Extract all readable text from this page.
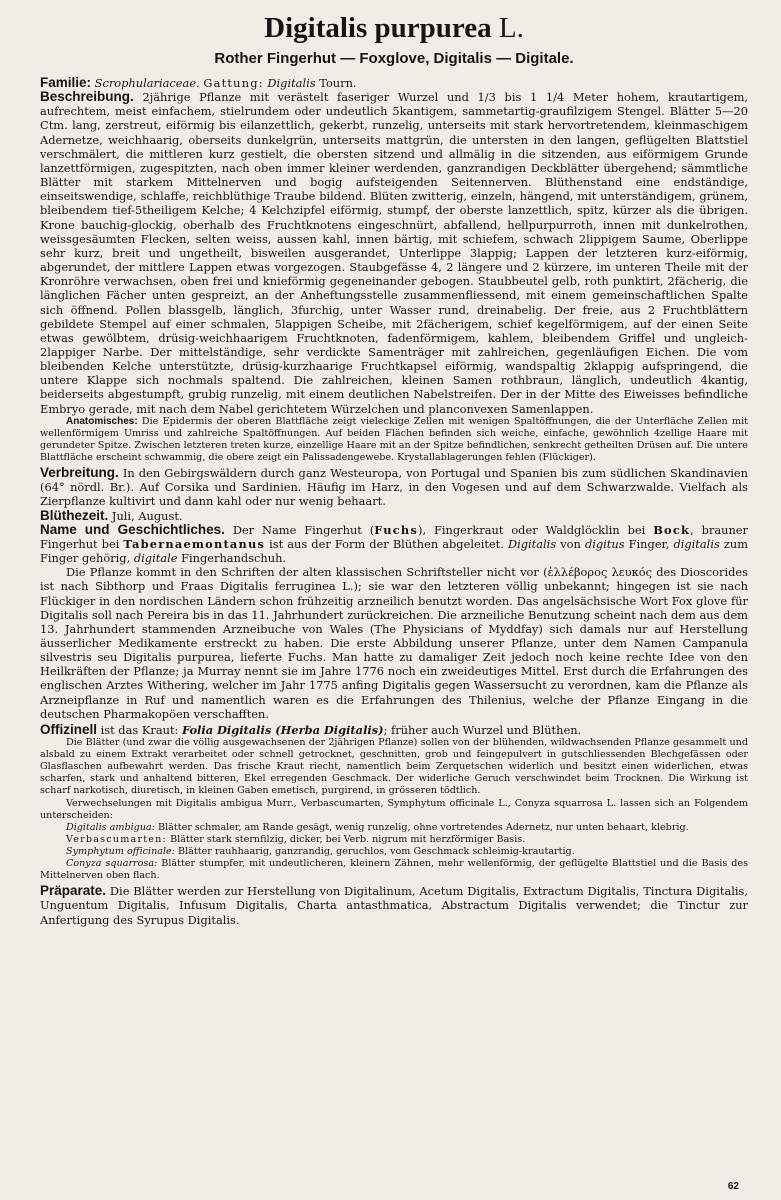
Digitalis purpurea L.
Rother Fingerhut — Foxglove, Digitalis — Digitale.

Familie: Scrophulariaceae. Gattung: Digitalis Tourn.

Beschreibung. 2jährige Pflanze mit verästelt faseriger Wurzel und 1/3 bis 1 1/4 Meter hohem, krautartigem, aufrechtem, meist einfachem, stielrundem oder undeutlich 5kantigem, sammetartig-graufilzigem Stengel. Blätter 5—20 Ctm. lang, zerstreut, eiförmig bis eilanzettlich, gekerbt, runzelig, unterseits mit stark hervortretendem, kleinmaschigem Adernetze, weichhaarig, oberseits dunkelgrün, unterseits mattgrün, die untersten in den langen, geflügelten Blattstiel verschmälert, die mittleren kurz gestielt, die obersten sitzend und allmälig in die sitzenden, aus eiförmigem Grunde lanzettförmigen, zugespitzten, nach oben immer kleiner werdenden, ganzrandigen Deckblätter übergehend; sämmtliche Blätter mit starkem Mittelnerven und bogig aufsteigenden Seitennerven. Blüthenstand eine endständige, einseitswendige, schlaffe, reichblüthige Traube bildend. Blüten zwitterig, einzeln, hängend, mit unterständigem, grünem, bleibendem tief-5theiligem Kelche; 4 Kelchzipfel eiförmig, stumpf, der oberste lanzettlich, spitz, kürzer als die übrigen. Krone bauchig-glockig, oberhalb des Fruchtknotens eingeschnürt, abfallend, hellpurpurroth, innen mit dunkelrothen, weissgesäumten Flecken, selten weiss, aussen kahl, innen bärtig, mit schiefem, schwach 2lippigem Saume, Oberlippe sehr kurz, breit und ungetheilt, bisweilen ausgerandet, Unterlippe 3lappig; Lappen der letzteren kurz-eiförmig, abgerundet, der mittlere Lappen etwas vorgezogen. Staubgefässe 4, 2 längere und 2 kürzere, im unteren Theile mit der Kronröhre verwachsen, oben frei und knieförmig gegeneinander gebogen. Staubbeutel gelb, roth punktirt, 2fächerig, die länglichen Fächer unten gespreizt, an der Anheftungsstelle zusammenfliessend, mit einem gemeinschaftlichen Spalte sich öffnend. Pollen blassgelb, länglich, 3furchig, unter Wasser rund, dreinabelig. Der freie, aus 2 Fruchtblättern gebildete Stempel auf einer schmalen, 5lappigen Scheibe, mit 2fächerigem, schief kegelförmigem, auf der einen Seite etwas gewölbtem, drüsig-weichhaarigem Fruchtknoten, fadenförmigem, kahlem, bleibendem Griffel und ungleich-2lappiger Narbe. Der mittelständige, sehr verdickte Samenträger mit zahlreichen, gegenläufigen Eichen. Die vom bleibenden Kelche unterstützte, drüsig-kurzhaarige Fruchtkapsel eiförmig, wandspaltig 2klappig aufspringend, die untere Klappe sich nochmals spaltend. Die zahlreichen, kleinen Samen rothbraun, länglich, undeutlich 4kantig, beiderseits abgestumpft, grubig runzelig, mit einem deutlichen Nabelstreifen. Der in der Mitte des Eiweisses befindliche Embryo gerade, mit nach dem Nabel gerichtetem Würzelchen und planconvexen Samenlappen.

Anatomisches: Die Epidermis der oberen Blattfläche zeigt vieleckige Zellen mit wenigen Spaltöffnungen, die der Unterfläche Zellen mit wellenförmigem Umriss und zahlreiche Spaltöffnungen. Auf beiden Flächen befinden sich weiche, einfache, gewöhnlich 4zellige Haare mit gerundeter Spitze. Zwischen letzteren treten kurze, einzellige Haare mit an der Spitze befindlichen, senkrecht getheilten Drüsen auf. Die untere Blattfläche erscheint schwammig, die obere zeigt ein Palissadengewebe. Krystallablagerungen fehlen (Flückiger).

Verbreitung. In den Gebirgswäldern durch ganz Westeuropa, von Portugal und Spanien bis zum südlichen Skandinavien (64° nördl. Br.). Auf Corsika und Sardinien. Häufig im Harz, in den Vogesen und auf dem Schwarzwalde. Vielfach als Zierpflanze kultivirt und dann kahl oder nur wenig behaart.

Blüthezeit. Juli, August.

Name und Geschichtliches. Der Name Fingerhut (Fuchs), Fingerkraut oder Waldglöcklin bei Bock, brauner Fingerhut bei Tabernaemontanus ist aus der Form der Blüthen abgeleitet. Digitalis von digitus Finger, digitalis zum Finger gehörig, digitale Fingerhandschuh.

Die Pflanze kommt in den Schriften der alten klassischen Schriftsteller nicht vor (ἐλλέβορος λευκός des Dioscorides ist nach Sibthorp und Fraas Digitalis ferruginea L.); sie war den letzteren völlig unbekannt; hingegen ist sie nach Flückiger in den nordischen Ländern schon frühzeitig arzneilich benutzt worden. Das angelsächsische Wort Fox glove für Digitalis soll nach Pereira bis in das 11. Jahrhundert zurückreichen. Die arzneiliche Benutzung scheint nach dem aus dem 13. Jahrhundert stammenden Arzneibuche von Wales (The Physicians of Myddfay) sich damals nur auf Herstellung äusserlicher Medikamente erstreckt zu haben. Die erste Abbildung unserer Pflanze, unter dem Namen Campanula silvestris seu Digitalis purpurea, lieferte Fuchs. Man hatte zu damaliger Zeit jedoch noch keine rechte Idee von den Heilkräften der Pflanze; ja Murray nennt sie im Jahre 1776 noch ein zweideutiges Mittel. Erst durch die Erfahrungen des englischen Arztes Withering, welcher im Jahr 1775 anfing Digitalis gegen Wassersucht zu verordnen, kam die Pflanze als Arzneipflanze in Ruf und namentlich waren es die Erfahrungen des Thilenius, welche der Pflanze Eingang in die deutschen Pharmakopöen verschafften.

Offizinell ist das Kraut: Folia Digitalis (Herba Digitalis); früher auch Wurzel und Blüthen.

Die Blätter (und zwar die völlig ausgewachsenen der 2jährigen Pflanze) sollen von der blühenden, wildwachsenden Pflanze gesammelt und alsbald zu einem Extrakt verarbeitet oder schnell getrocknet, geschnitten, grob und feingepulvert in gutschliessenden Blechgefässen oder Glasflaschen aufbewahrt werden. Das frische Kraut riecht, namentlich beim Zerquetschen widerlich und besitzt einen widerlichen, etwas scharfen, stark und anhaltend bitteren, Ekel erregenden Geschmack. Der widerliche Geruch verschwindet beim Trocknen. Die Wirkung ist scharf narkotisch, diuretisch, in kleinen Gaben emetisch, purgirend, in grösseren tödtlich.

Verwechselungen mit Digitalis ambigua Murr., Verbascumarten, Symphytum officinale L., Conyza squarrosa L. lassen sich an Folgendem unterscheiden:

Digitalis ambigua: Blätter schmaler, am Rande gesägt, wenig runzelig, ohne vortretendes Adernetz, nur unten behaart, klebrig.

Verbascumarten: Blätter stark sternfilzig, dicker, bei Verb. nigrum mit herzförmiger Basis.

Symphytum officinale: Blätter rauhhaarig, ganzrandig, geruchlos, vom Geschmack schleimig-krautartig.

Conyza squarrosa: Blätter stumpfer, mit undeutlicheren, kleinern Zähnen, mehr wellenförmig, der geflügelte Blattstiel und die Basis des Mittelnerven oben flach.

Präparate. Die Blätter werden zur Herstellung von Digitalinum, Acetum Digitalis, Extractum Digitalis, Tinctura Digitalis, Unguentum Digitalis, Infusum Digitalis, Charta antasthmatica, Abstractum Digitalis verwendet; die Tinctur zur Anfertigung des Syrupus Digitalis.

62
